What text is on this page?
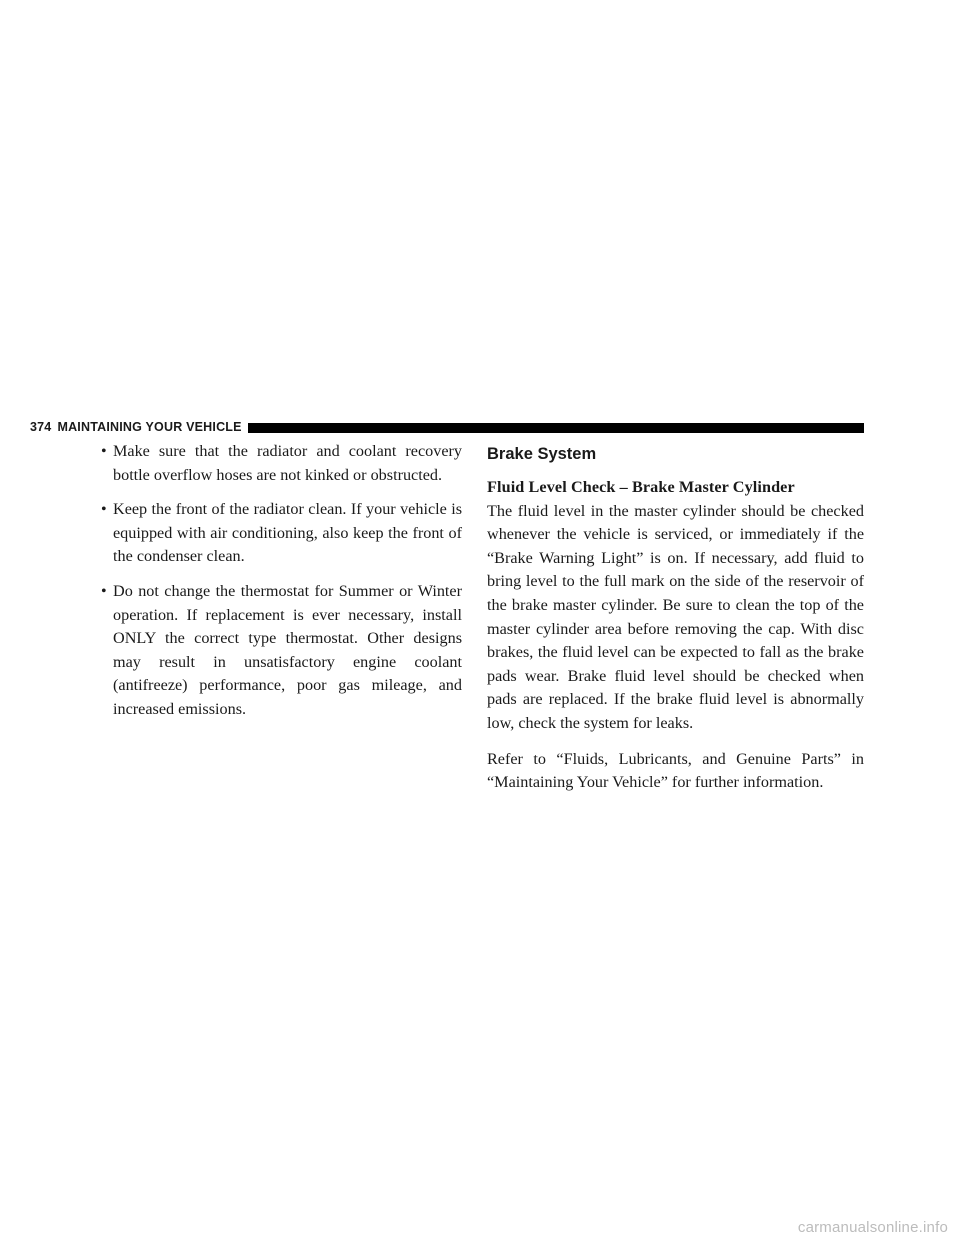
374 MAINTAINING YOUR VEHICLE
• Make sure that the radiator and coolant recovery bottle overflow hoses are not kinked or obstructed.
• Keep the front of the radiator clean. If your vehicle is equipped with air conditioning, also keep the front of the condenser clean.
• Do not change the thermostat for Summer or Winter operation. If replacement is ever necessary, install ONLY the correct type thermostat. Other designs may result in unsatisfactory engine coolant (antifreeze) performance, poor gas mileage, and increased emissions.
Brake System
Fluid Level Check – Brake Master Cylinder

The fluid level in the master cylinder should be checked whenever the vehicle is serviced, or immediately if the “Brake Warning Light” is on. If necessary, add fluid to bring level to the full mark on the side of the reservoir of the brake master cylinder. Be sure to clean the top of the master cylinder area before removing the cap. With disc brakes, the fluid level can be expected to fall as the brake pads wear. Brake fluid level should be checked when pads are replaced. If the brake fluid level is abnormally low, check the system for leaks.

Refer to “Fluids, Lubricants, and Genuine Parts” in “Maintaining Your Vehicle” for further information.

carmanualsonline.info
